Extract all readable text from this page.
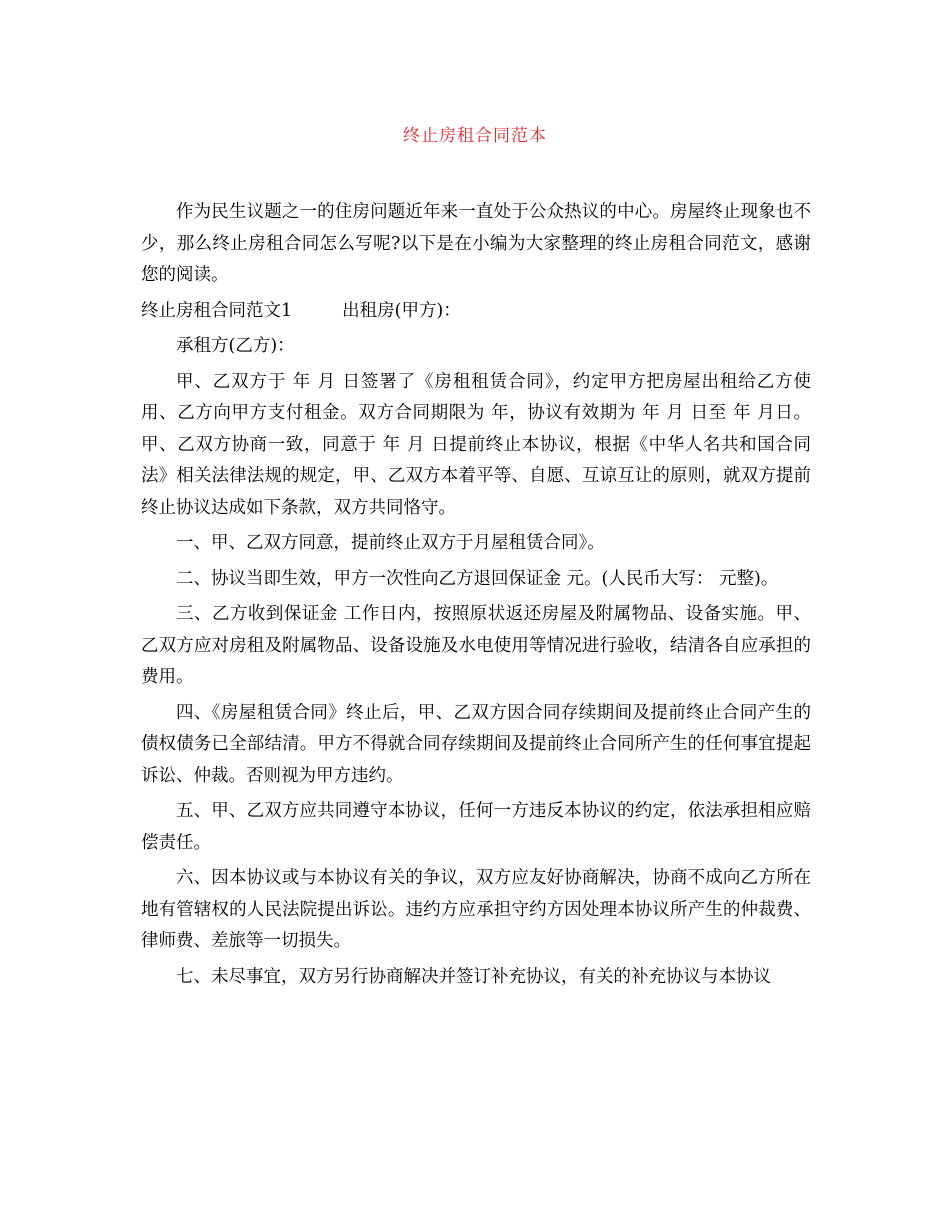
终止房租合同范本

作为民生议题之一的住房问题近年来一直处于公众热议的中心。房屋终止现象也不少，那么终止房租合同怎么写呢?以下是在小编为大家整理的终止房租合同范文，感谢您的阅读。

终止房租合同范文1	出租房(甲方)：

承租方(乙方)：

甲、乙双方于 年 月 日签署了《房租租赁合同》，约定甲方把房屋出租给乙方使用、乙方向甲方支付租金。双方合同期限为 年，协议有效期为 年 月 日至 年 月日。甲、乙双方协商一致，同意于 年 月 日提前终止本协议，根据《中华人名共和国合同法》相关法律法规的规定，甲、乙双方本着平等、自愿、互谅互让的原则，就双方提前终止协议达成如下条款，双方共同恪守。

一、甲、乙双方同意，提前终止双方于月屋租赁合同》。

二、协议当即生效，甲方一次性向乙方退回保证金 元。(人民币大写： 元整)。

三、乙方收到保证金 工作日内，按照原状返还房屋及附属物品、设备实施。甲、乙双方应对房租及附属物品、设备设施及水电使用等情况进行验收，结清各自应承担的费用。

四、《房屋租赁合同》终止后，甲、乙双方因合同存续期间及提前终止合同产生的债权债务已全部结清。甲方不得就合同存续期间及提前终止合同所产生的任何事宜提起诉讼、仲裁。否则视为甲方违约。

五、甲、乙双方应共同遵守本协议，任何一方违反本协议的约定，依法承担相应赔偿责任。

六、因本协议或与本协议有关的争议，双方应友好协商解决，协商不成向乙方所在地有管辖权的人民法院提出诉讼。违约方应承担守约方因处理本协议所产生的仲裁费、律师费、差旅等一切损失。

七、未尽事宜，双方另行协商解决并签订补充协议，有关的补充协议与本协议
